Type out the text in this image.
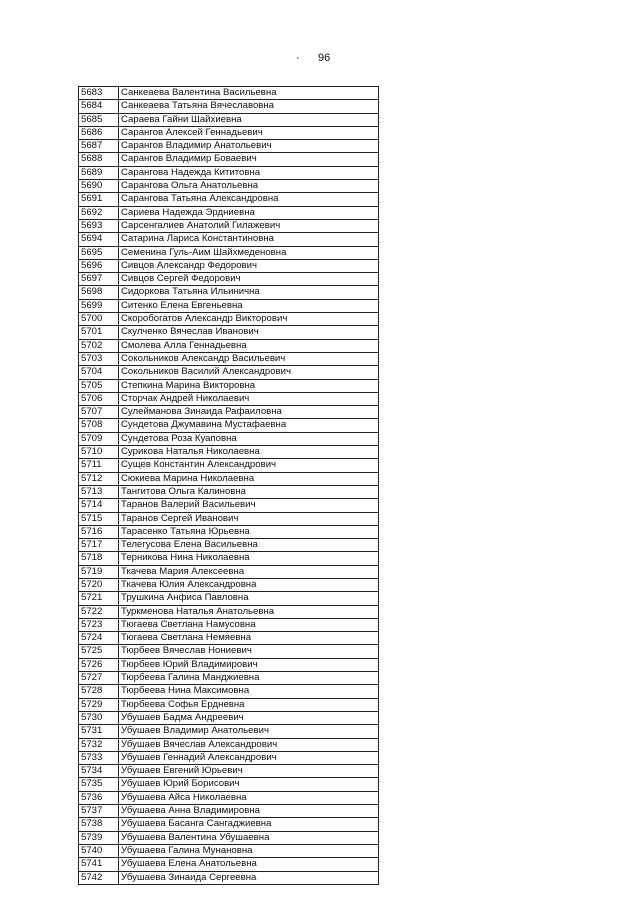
· 96
5683	Санкеаева Валентина Васильевна
5684	Санкеаева Татьяна Вячеславовна
5685	Сараева Гайни Шайхиевна
5686	Сарангов Алексей Геннадьевич
5687	Сарангов Владимир Анатольевич
5688	Сарангов Владимир Боваевич
5689	Сарангова Надежда Кититовна
5690	Сарангова Ольга Анатольевна
5691	Сарангова Татьяна Александровна
5692	Сариева Надежда Эрдниевна
5693	Сарсенгалиев Анатолий Гилажевич
5694	Сатарина Лариса Константиновна
5695	Семенина Гуль-Аим Шайхмеденовна
5696	Сивцов Александр Федорович
5697	Сивцов Сергей Федорович
5698	Сидоркова Татьяна Ильинична
5699	Ситенко Елена Евгеньевна
5700	Скоробогатов Александр Викторович
5701	Скулченко Вячеслав Иванович
5702	Смолева Алла Геннадьевна
5703	Сокольников Александр Васильевич
5704	Сокольников Василий Александрович
5705	Степкина Марина Викторовна
5706	Сторчак Андрей Николаевич
5707	Сулейманова Зинаида Рафаиловна
5708	Сундетова Джумавина Мустафаевна
5709	Сундетова Роза Куаповна
5710	Сурикова Наталья Николаевна
5711	Сущев Константин Александрович
5712	Сюкиева Марина Николаевна
5713	Тангитова Ольга Калиновна
5714	Таранов Валерий Васильевич
5715	Таранов Сергей Иванович
5716	Тарасенко Татьяна Юрьевна
5717	Телегусова Елена Васильевна
5718	Терникова Нина Николаевна
5719	Ткачева Мария Алексеевна
5720	Ткачева Юлия Александровна
5721	Трушкина Анфиса Павловна
5722	Туркменова Наталья Анатольевна
5723	Тюгаева Светлана Намусовна
5724	Тюгаева Светлана Немяевна
5725	Тюрбеев Вячеслав Нониевич
5726	Тюрбеев Юрий Владимирович
5727	Тюрбеева Галина Манджиевна
5728	Тюрбеева Нина Максимовна
5729	Тюрбеева Софья Ердневна
5730	Убушаев Бадма Андреевич
5731	Убушаев Владимир Анатольевич
5732	Убушаев Вячеслав Александрович
5733	Убушаев Геннадий Александрович
5734	Убушаев Евгений Юрьевич
5735	Убушаев Юрий Борисович
5736	Убушаева Айса Николаевна
5737	Убушаева Анна Владимировна
5738	Убушаева Басанга Сангаджиевна
5739	Убушаева Валентина Убушаевна
5740	Убушаева Галина Мунановна
5741	Убушаева Елена Анатольевна
5742	Убушаева Зинаида Сергеевна
